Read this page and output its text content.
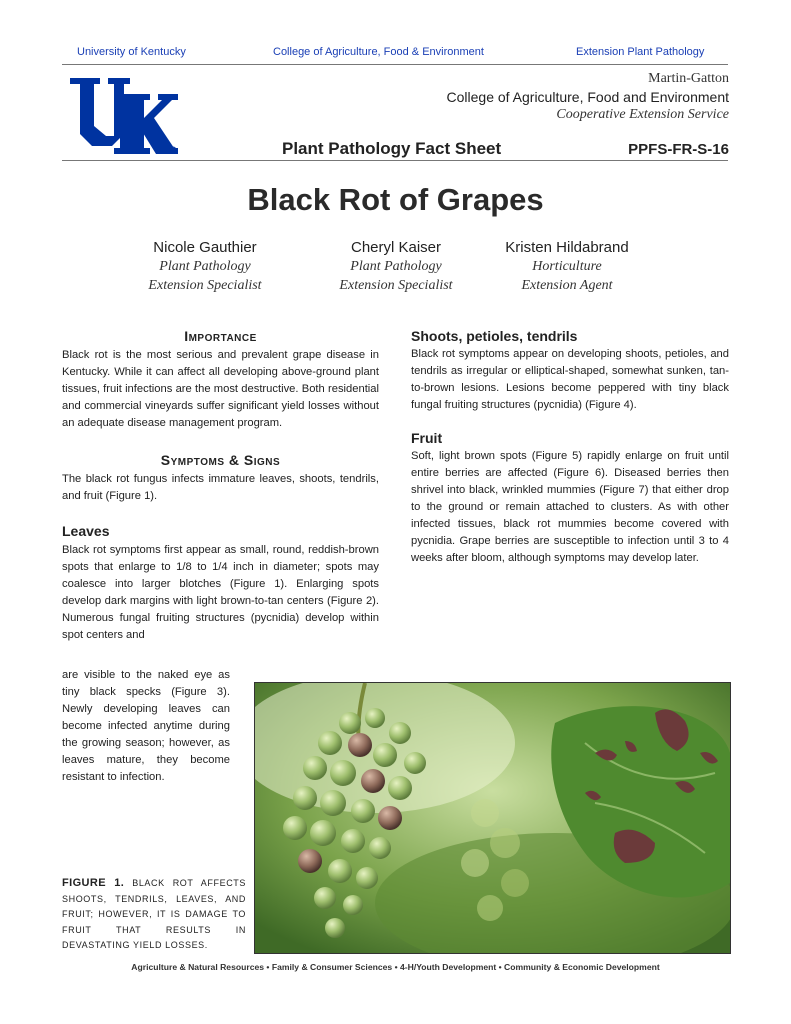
University of Kentucky	College of Agriculture, Food & Environment	Extension Plant Pathology
R
Martin-Gatton
College of Agriculture, Food and Environment
Cooperative Extension Service
Plant Pathology Fact Sheet	PPFS-FR-S-16
Black Rot of Grapes
Nicole Gauthier
Plant Pathology
Extension Specialist
Cheryl Kaiser
Plant Pathology
Extension Specialist
Kristen Hildabrand
Horticulture
Extension Agent
Importance
Black rot is the most serious and prevalent grape disease in Kentucky. While it can affect all developing above-ground plant tissues, fruit infections are the most destructive. Both residential and commercial vineyards suffer significant yield losses without an adequate disease management program.
Symptoms & Signs
The black rot fungus infects immature leaves, shoots, tendrils, and fruit (Figure 1).
Leaves
Black rot symptoms first appear as small, round, reddish-brown spots that enlarge to 1/8 to 1/4 inch in diameter; spots may coalesce into larger blotches (Figure 1). Enlarging spots develop dark margins with light brown-to-tan centers (Figure 2). Numerous fungal fruiting structures (pycnidia) develop within spot centers and
are visible to the naked eye as tiny black specks (Figure 3). Newly developing leaves can become infected anytime during the growing season; however, as leaves mature, they become resistant to infection.
Shoots, petioles, tendrils
Black rot symptoms appear on developing shoots, petioles, and tendrils as irregular or elliptical-shaped, somewhat sunken, tan-to-brown lesions. Lesions become peppered with tiny black fungal fruiting structures (pycnidia) (Figure 4).
Fruit
Soft, light brown spots (Figure 5) rapidly enlarge on fruit until entire berries are affected (Figure 6). Diseased berries then shrivel into black, wrinkled mummies (Figure 7) that either drop to the ground or remain attached to clusters. As with other infected tissues, black rot mummies become covered with pycnidia. Grape berries are susceptible to infection until 3 to 4 weeks after bloom, although symptoms may develop later.
FIGURE 1. BLACK ROT AFFECTS SHOOTS, TENDRILS, LEAVES, AND FRUIT; HOWEVER, IT IS DAMAGE TO FRUIT THAT RESULTS IN DEVASTATING YIELD LOSSES.
Agriculture & Natural Resources • Family & Consumer Sciences • 4-H/Youth Development • Community & Economic Development
